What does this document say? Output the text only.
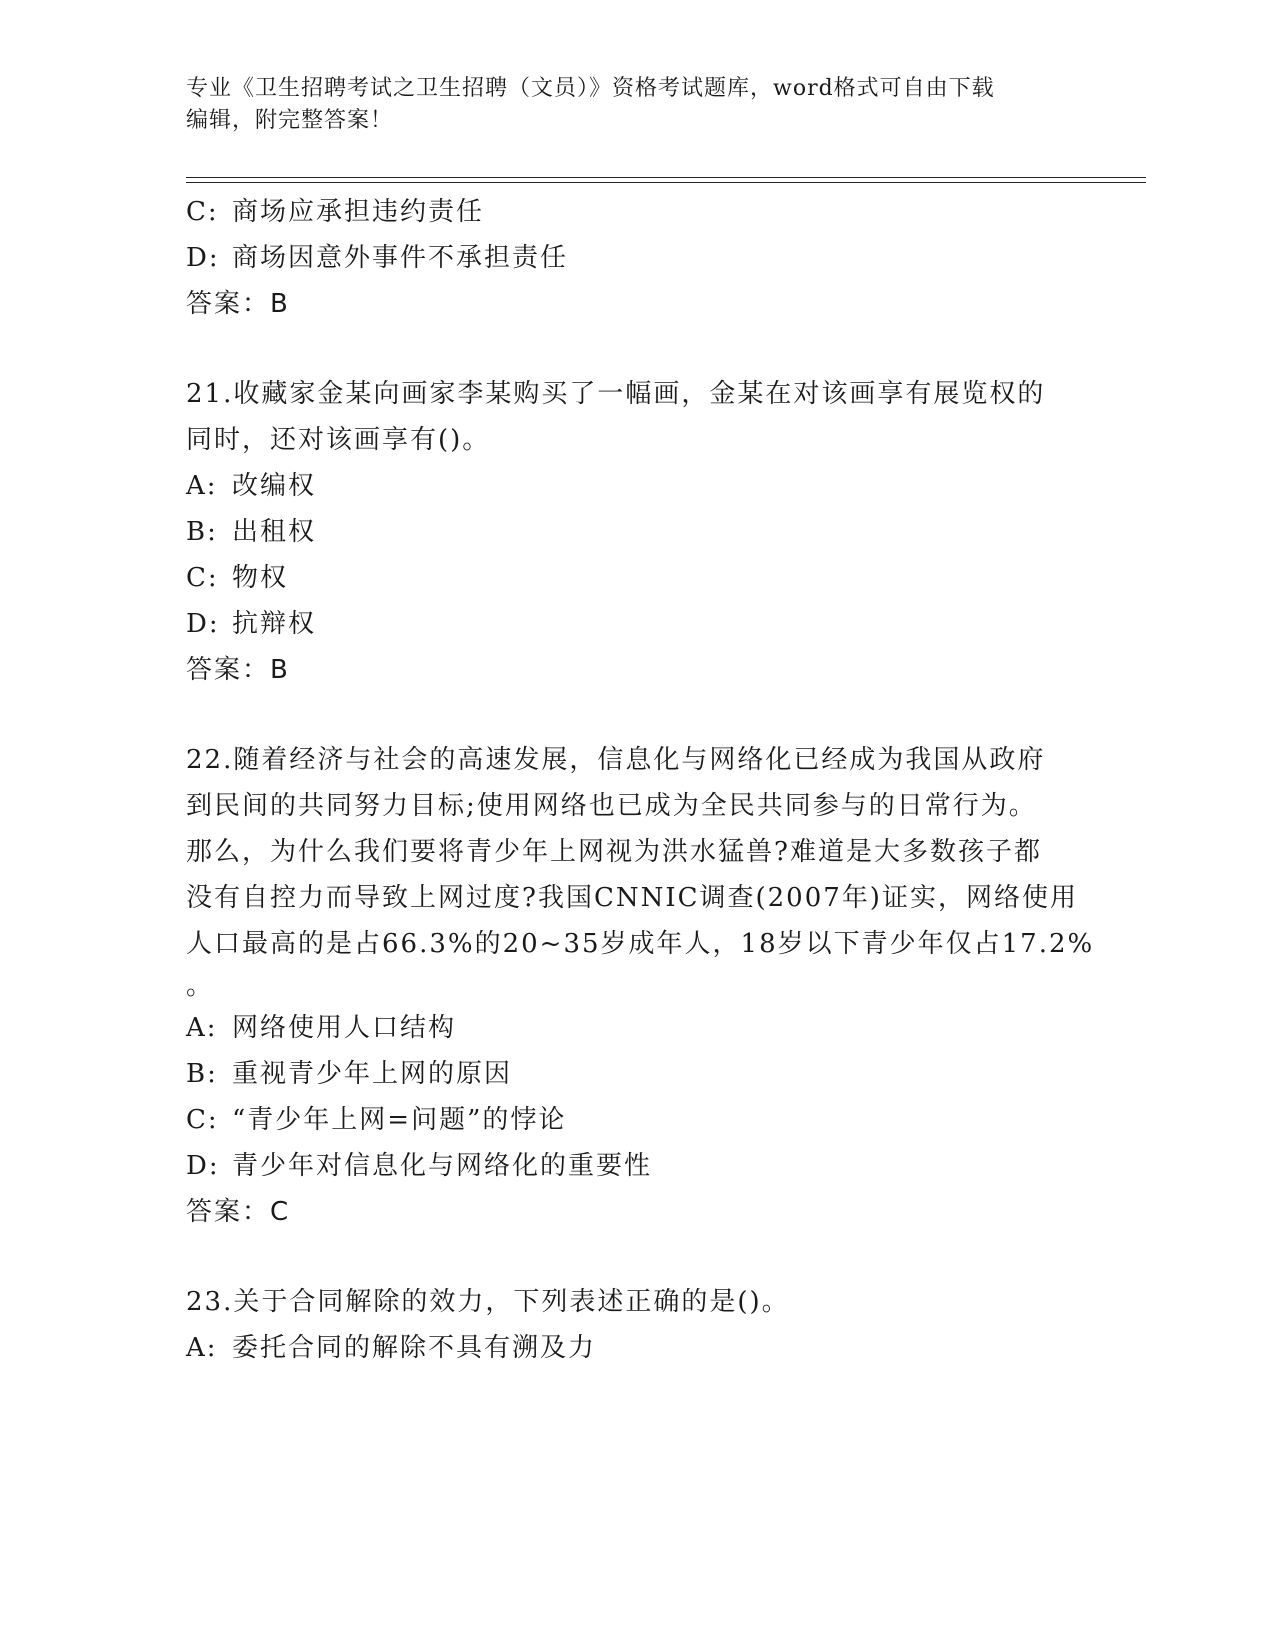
专业《卫生招聘考试之卫生招聘（文员）》资格考试题库，word格式可自由下载
编辑，附完整答案！
C: 商场应承担违约责任
D: 商场因意外事件不承担责任
答案：B
21.收藏家金某向画家李某购买了一幅画，金某在对该画享有展览权的
同时，还对该画享有()。
A: 改编权
B: 出租权
C: 物权
D: 抗辩权
答案：B
22.随着经济与社会的高速发展，信息化与网络化已经成为我国从政府
到民间的共同努力目标;使用网络也已成为全民共同参与的日常行为。
那么，为什么我们要将青少年上网视为洪水猛兽?难道是大多数孩子都
没有自控力而导致上网过度?我国CNNIC调查(2007年)证实，网络使用
人口最高的是占66.3%的20~35岁成年人，18岁以下青少年仅占17.2%
。
A: 网络使用人口结构
B: 重视青少年上网的原因
C: “青少年上网=问题”的悖论
D: 青少年对信息化与网络化的重要性
答案：C
23.关于合同解除的效力，下列表述正确的是()。
A: 委托合同的解除不具有溯及力
